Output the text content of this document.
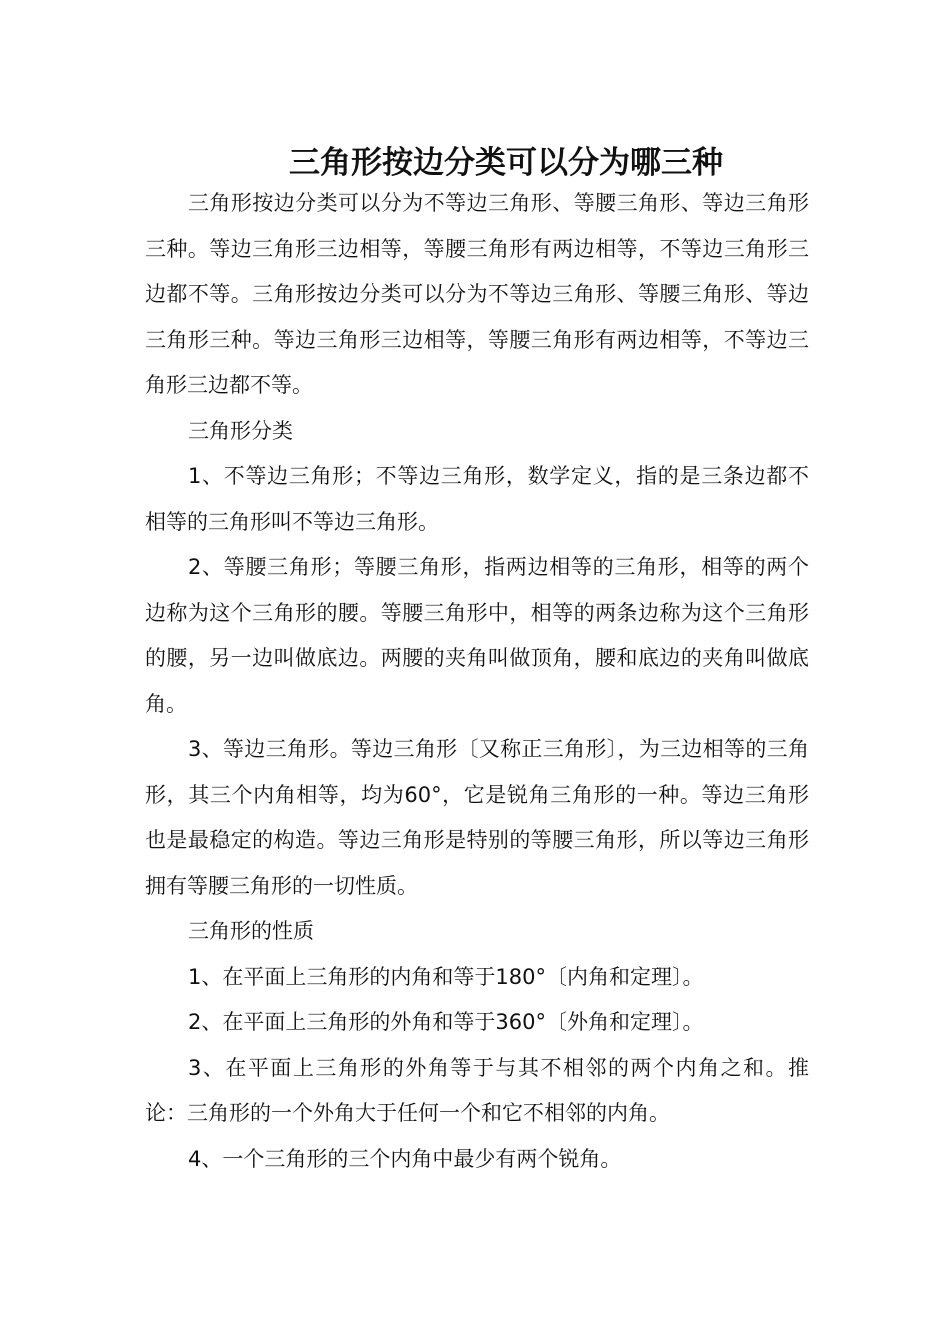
三角形按边分类可以分为哪三种

三角形按边分类可以分为不等边三角形、等腰三角形、等边三角形三种。等边三角形三边相等，等腰三角形有两边相等，不等边三角形三边都不等。三角形按边分类可以分为不等边三角形、等腰三角形、等边三角形三种。等边三角形三边相等，等腰三角形有两边相等，不等边三角形三边都不等。

三角形分类

1、不等边三角形；不等边三角形，数学定义，指的是三条边都不相等的三角形叫不等边三角形。

2、等腰三角形；等腰三角形，指两边相等的三角形，相等的两个边称为这个三角形的腰。等腰三角形中，相等的两条边称为这个三角形的腰，另一边叫做底边。两腰的夹角叫做顶角，腰和底边的夹角叫做底角。

3、等边三角形。等边三角形〔又称正三角形〕，为三边相等的三角形，其三个内角相等，均为60°，它是锐角三角形的一种。等边三角形也是最稳定的构造。等边三角形是特别的等腰三角形，所以等边三角形拥有等腰三角形的一切性质。

三角形的性质

1、在平面上三角形的内角和等于180°〔内角和定理〕。

2、在平面上三角形的外角和等于360°〔外角和定理〕。

3、在平面上三角形的外角等于与其不相邻的两个内角之和。推论：三角形的一个外角大于任何一个和它不相邻的内角。

4、一个三角形的三个内角中最少有两个锐角。
